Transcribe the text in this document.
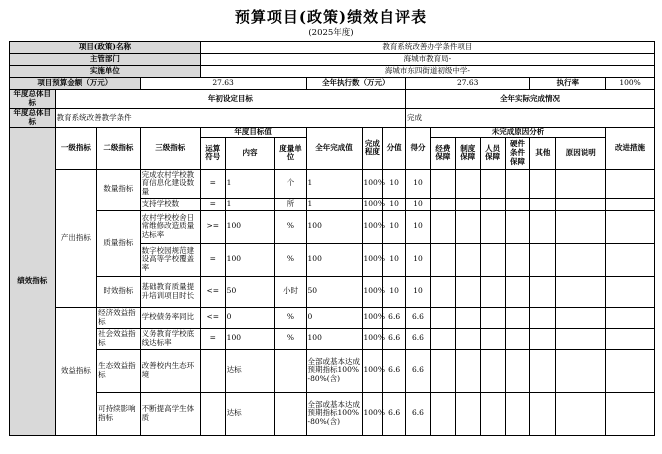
预算项目(政策)绩效自评表
(2025年度)
项目(政策)名称				教育系统改善办学条件项目													
主管部门				海城市教育局-													
实施单位				海城市东四街道初级中学-													
项目预算金额（万元）			27.63				全年执行数（万元）			27.63					执行率		100%
年度总体目标	年初设定目标									全年实际完成情况							
年度总体目标	教育系统改善教学条件									完成							
绩效指标	一级指标	二级指标	三级指标	年度目标值			全年完成值	完成程度	分值	得分	未完成原因分析						改进措施
				运算符号	内容	度量单位					经费保障	制度保障	人员保障	硬件条件保障	其他	原因说明	
	产出指标	数量指标	完成农村学校教育信息化建设数量	=	1	个	1	100%	10	10							
			支持学校数	=	1	所	1	100%	10	10							
		质量指标	农村学校校舍日常维修改造质量达标率	>=	100	%	100	100%	10	10							
			数字校园规范建设高等学校覆盖率	=	100	%	100	100%	10	10							
		时效指标	基础教育质量提升培训项目时长	<=	50	小时	50	100%	10	10							
	效益指标	经济效益指标	学校债务率同比	<=	0	%	0	100%	6.6	6.6							
		社会效益指标	义务教育学校底线达标率	=	100	%	100	100%	6.6	6.6							
		生态效益指标	改善校内生态环境		达标		全部或基本达成预期指标100%-80%(含)	100%	6.6	6.6							
		可持续影响指标	不断提高学生体质		达标		全部或基本达成预期指标100%-80%(含)	100%	6.6	6.6							
